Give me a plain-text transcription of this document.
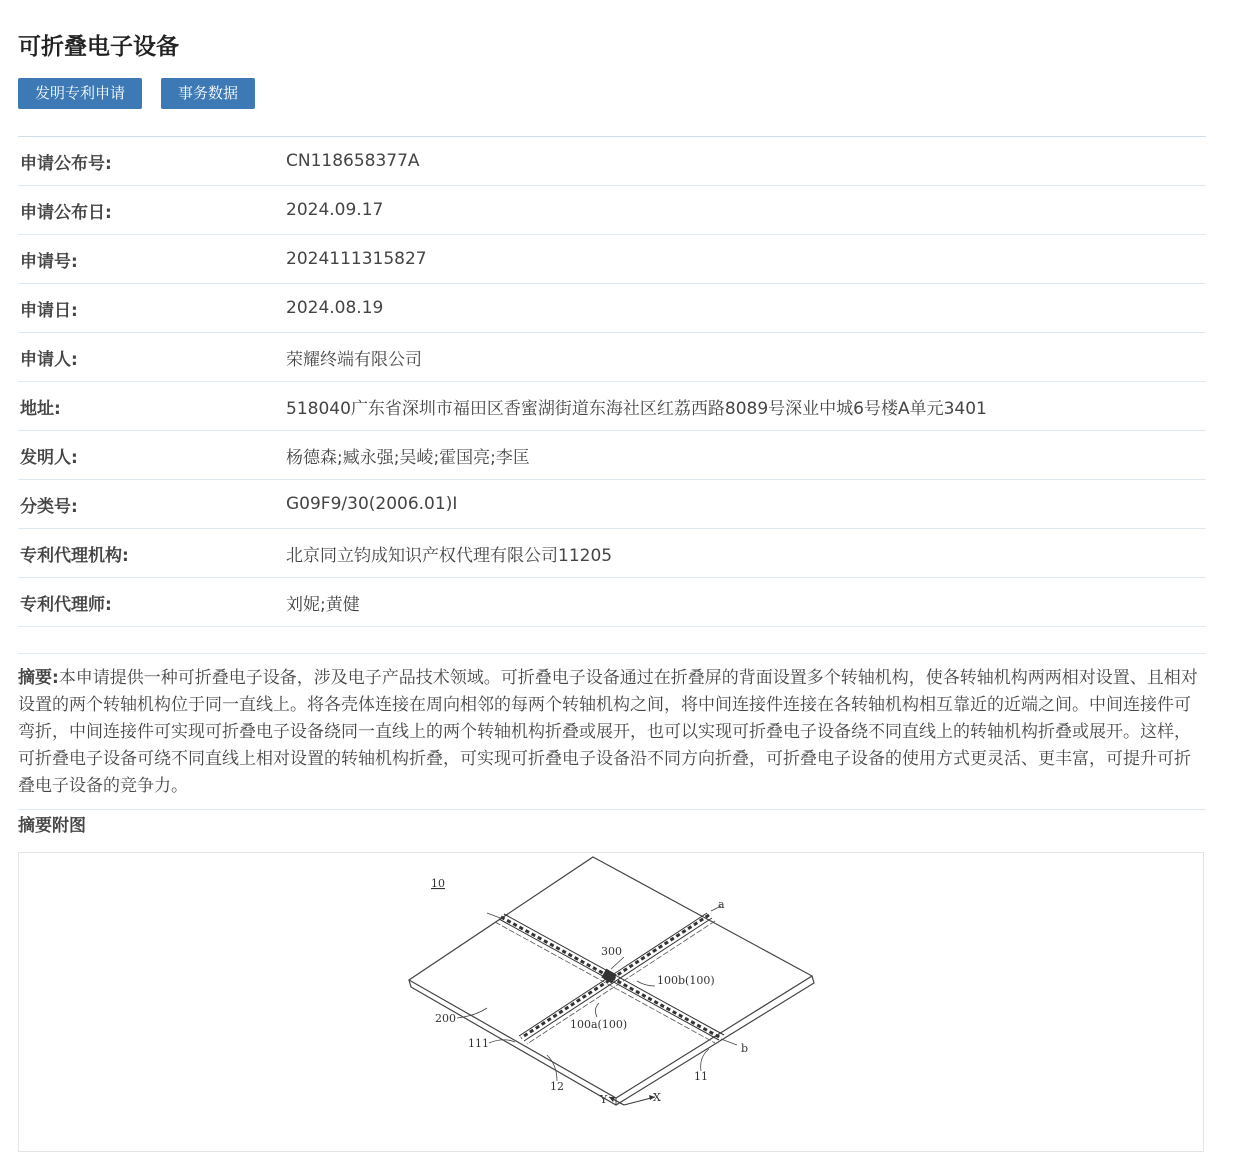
可折叠电子设备
发明专利申请	事务数据
申请公布号:	CN118658377A
申请公布日:	2024.09.17
申请号:	2024111315827
申请日:	2024.08.19
申请人:	荣耀终端有限公司
地址:	518040广东省深圳市福田区香蜜湖街道东海社区红荔西路8089号深业中城6号楼A单元3401
发明人:	杨德森;臧永强;吴崚;霍国亮;李匡
分类号:	G09F9/30(2006.01)I
专利代理机构:	北京同立钧成知识产权代理有限公司11205
专利代理师:	刘妮;黄健

摘要:本申请提供一种可折叠电子设备，涉及电子产品技术领域。可折叠电子设备通过在折叠屏的背面设置多个转轴机构，使各转轴机构两两相对设置、且相对设置的两个转轴机构位于同一直线上。将各壳体连接在周向相邻的每两个转轴机构之间，将中间连接件连接在各转轴机构相互靠近的近端之间。中间连接件可弯折，中间连接件可实现可折叠电子设备绕同一直线上的两个转轴机构折叠或展开，也可以实现可折叠电子设备绕不同直线上的转轴机构折叠或展开。这样，可折叠电子设备可绕不同直线上相对设置的转轴机构折叠，可实现可折叠电子设备沿不同方向折叠，可折叠电子设备的使用方式更灵活、更丰富，可提升可折叠电子设备的竞争力。

摘要附图
10
a
300
100b(100)
200	100a(100)
111	b
11
12
Y	X
